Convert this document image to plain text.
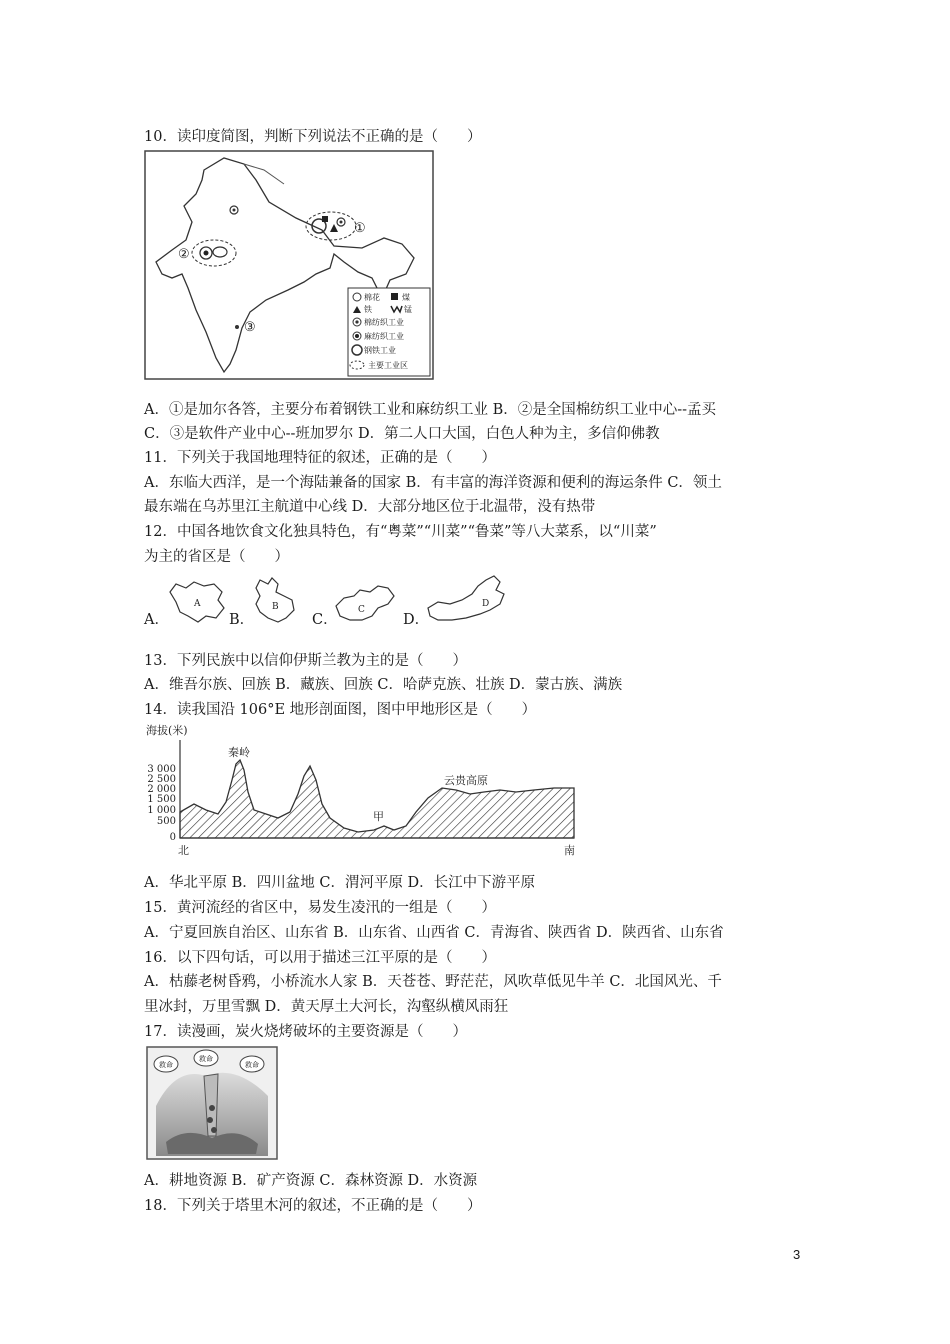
10．读印度简图，判断下列说法不正确的是（　　）
①
②
③
棉花	煤
铁	锰
棉纺织工业
麻纺织工业
钢铁工业
主要工业区
A．①是加尔各答，主要分布着钢铁工业和麻纺织工业 B．②是全国棉纺织工业中心--孟买
C．③是软件产业中心--班加罗尔 D．第二人口大国，白色人种为主，多信仰佛教
11．下列关于我国地理特征的叙述，正确的是（　　）
A．东临大西洋，是一个海陆兼备的国家 B．有丰富的海洋资源和便利的海运条件 C．领土
最东端在乌苏里江主航道中心线 D．大部分地区位于北温带，没有热带
12．中国各地饮食文化独具特色，有“粤菜”“川菜”“鲁菜”等八大菜系，以“川菜”
为主的省区是（　　）
A．
A
B．
B
C．
C
D．
D
13．下列民族中以信仰伊斯兰教为主的是（　　）
A．维吾尔族、回族 B．藏族、回族 C．哈萨克族、壮族 D．蒙古族、满族
14．读我国沿 106°E 地形剖面图，图中甲地形区是（　　）
海拔(米)
3 000
2 500
2 000
1 500
1 000
500
0
秦岭
甲
云贵高原
北	南
A．华北平原 B．四川盆地 C．渭河平原 D．长江中下游平原
15．黄河流经的省区中，易发生凌汛的一组是（　　）
A．宁夏回族自治区、山东省 B．山东省、山西省 C．青海省、陕西省 D．陕西省、山东省
16．以下四句话，可以用于描述三江平原的是（　　）
A．枯藤老树昏鸦，小桥流水人家 B．天苍苍、野茫茫，风吹草低见牛羊 C．北国风光、千
里冰封，万里雪飘 D．黄天厚土大河长，沟壑纵横风雨狂
17．读漫画，炭火烧烤破坏的主要资源是（　　）
救命
救命
救命
A．耕地资源 B．矿产资源 C．森林资源 D．水资源
18．下列关于塔里木河的叙述，不正确的是（　　）
3
